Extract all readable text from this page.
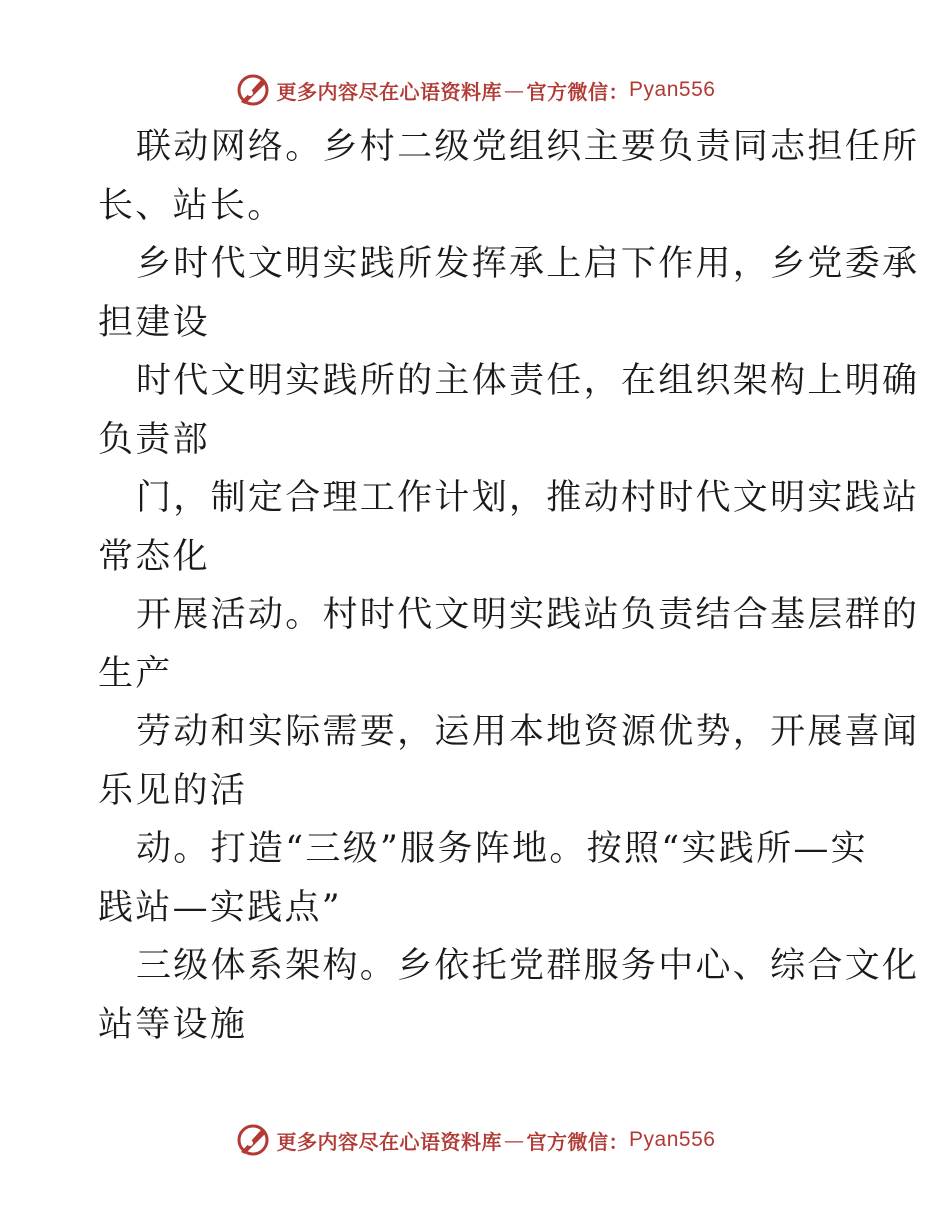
更多内容尽在心语资料库 — 官方微信： Pyan556

联动网络。乡村二级党组织主要负责同志担任所

长、站长。

乡时代文明实践所发挥承上启下作用，乡党委承

担建设

时代文明实践所的主体责任，在组织架构上明确

负责部

门，制定合理工作计划，推动村时代文明实践站

常态化

开展活动。村时代文明实践站负责结合基层群的

生产

劳动和实际需要，运用本地资源优势，开展喜闻

乐见的活

动。打造“三级”服务阵地。按照“实践所—实

践站—实践点”

三级体系架构。乡依托党群服务中心、综合文化

站等设施

更多内容尽在心语资料库 — 官方微信： Pyan556
